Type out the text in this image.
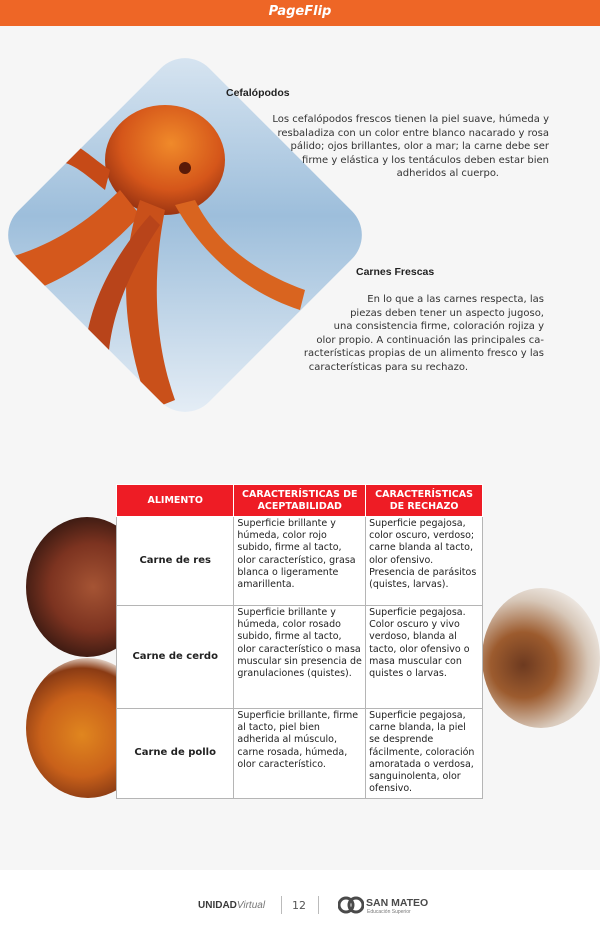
PageFlip
Cefalópodos
Los cefalópodos frescos tienen la piel suave, húmeda y
resbaladiza con un color entre blanco nacarado y rosa
pálido; ojos brillantes, olor a mar; la carne debe ser
firme y elástica y los tentáculos deben estar bien
adheridos al cuerpo.
Carnes Frescas
En lo que a las carnes respecta, las
piezas deben tener un aspecto jugoso,
una consistencia firme, coloración rojiza y
olor propio. A continuación las principales ca-
racterísticas propias de un alimento fresco y las
características para su rechazo.
ALIMENTO	CARACTERÍSTICAS DE ACEPTABILIDAD	CARACTERÍSTICAS DE RECHAZO
Carne de res	Superficie brillante y húmeda, color rojo subido, firme al tacto, olor característico, grasa blanca o ligeramente amarillenta.	Superficie pegajosa, color oscuro, verdoso; carne blanda al tacto, olor ofensivo. Presencia de parásitos (quistes, larvas).
Carne de cerdo	Superficie brillante y húmeda, color rosado subido, firme al tacto, olor característico o masa muscular sin presencia de granulaciones (quistes).	Superficie pegajosa. Color oscuro y vivo verdoso, blanda al tacto, olor ofensivo o masa muscular con quistes o larvas.
Carne de pollo	Superficie brillante, firme al tacto, piel bien adherida al músculo, carne rosada, húmeda, olor característico.	Superficie pegajosa, carne blanda, la piel se desprende fácilmente, coloración amoratada o verdosa, sanguinolenta, olor ofensivo.
UNIDADVirtual 12	SAN MATEO
Educación Superior
